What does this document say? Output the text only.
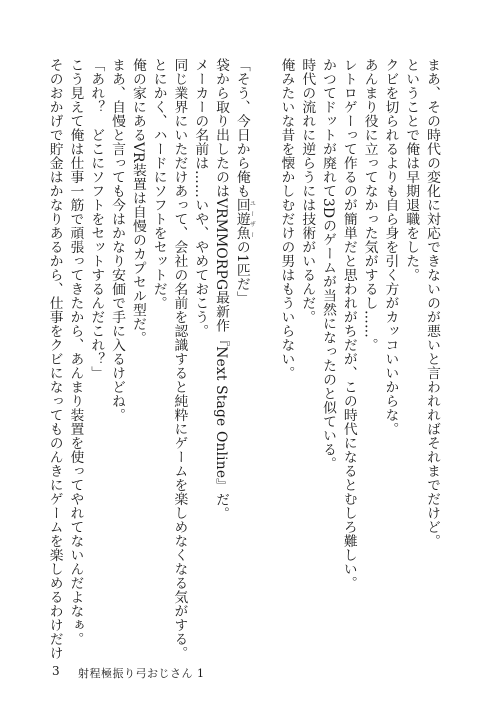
まあ、その時代の変化に対応できないのが悪いと言われればそれまでだけど。
ということで俺は早期退職をした。
クビを切られるよりも自ら身を引く方がカッコいいからな。
あんまり役に立ってなかった気がするし……。
レトロゲーって作るのが簡単だと思われがちだが、この時代になるとむしろ難しい。
かつてドットが廃れて3Dのゲームが当然になったのと似ている。
時代の流れに逆らうには技術がいるんだ。
俺みたいな昔を懐かしむだけの男はもういらない。
「そう、今日から俺も回遊魚ユーザーの1匹だ」
袋から取り出したのはVRMMORPG最新作『Next Stage Online』だ。
メーカーの名前は……いや、やめておこう。
同じ業界にいただけあって、会社の名前を認識すると純粋にゲームを楽しめなくなる気がする。
とにかく、ハードにソフトをセットだ。
俺の家にあるVR装置は自慢のカプセル型だ。
まあ、自慢と言っても今はかなり安価で手に入るけどね。
「あれ？　どこにソフトをセットするんだこれ？」
こう見えて俺は仕事一筋で頑張ってきたから、あんまり装置を使ってやれてないんだよなぁ。
そのおかげで貯金はかなりあるから、仕事をクビになってものんきにゲームを楽しめるわけだけ
3 射程極振り弓おじさん 1
